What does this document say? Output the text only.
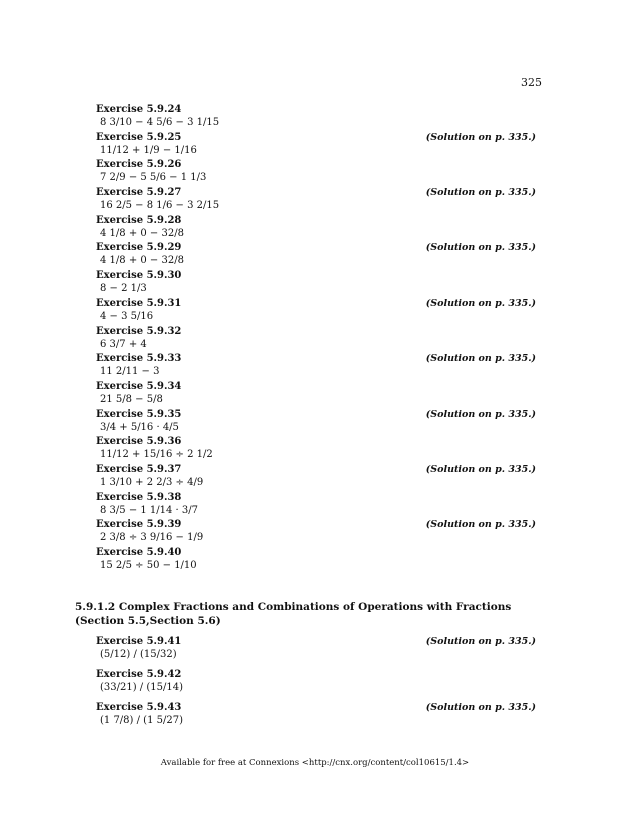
325
Exercise 5.9.24
8 3/10 − 4 5/6 − 3 1/15
Exercise 5.9.25
11/12 + 1/9 − 1/16
(Solution on p. 335.)
Exercise 5.9.26
7 2/9 − 5 5/6 − 1 1/3
Exercise 5.9.27
16 2/5 − 8 1/6 − 3 2/15
(Solution on p. 335.)
Exercise 5.9.28
4 1/8 + 0 − 32/8
Exercise 5.9.29
4 1/8 + 0 − 32/8
(Solution on p. 335.)
Exercise 5.9.30
8 − 2 1/3
Exercise 5.9.31
4 − 3 5/16
(Solution on p. 335.)
Exercise 5.9.32
6 3/7 + 4
Exercise 5.9.33
11 2/11 − 3
(Solution on p. 335.)
Exercise 5.9.34
21 5/8 − 5/8
Exercise 5.9.35
3/4 + 5/16 · 4/5
(Solution on p. 335.)
Exercise 5.9.36
11/12 + 15/16 ÷ 2 1/2
Exercise 5.9.37
1 3/10 + 2 2/3 ÷ 4/9
(Solution on p. 335.)
Exercise 5.9.38
8 3/5 − 1 1/14 · 3/7
Exercise 5.9.39
2 3/8 ÷ 3 9/16 − 1/9
(Solution on p. 335.)
Exercise 5.9.40
15 2/5 ÷ 50 − 1/10
5.9.1.2 Complex Fractions and Combinations of Operations with Fractions (Section 5.5,Section 5.6)
Exercise 5.9.41
(5/12) / (15/32)
(Solution on p. 335.)
Exercise 5.9.42
(33/21) / (15/14)
Exercise 5.9.43
(1 7/8) / (1 5/27)
(Solution on p. 335.)
Available for free at Connexions <http://cnx.org/content/col10615/1.4>
